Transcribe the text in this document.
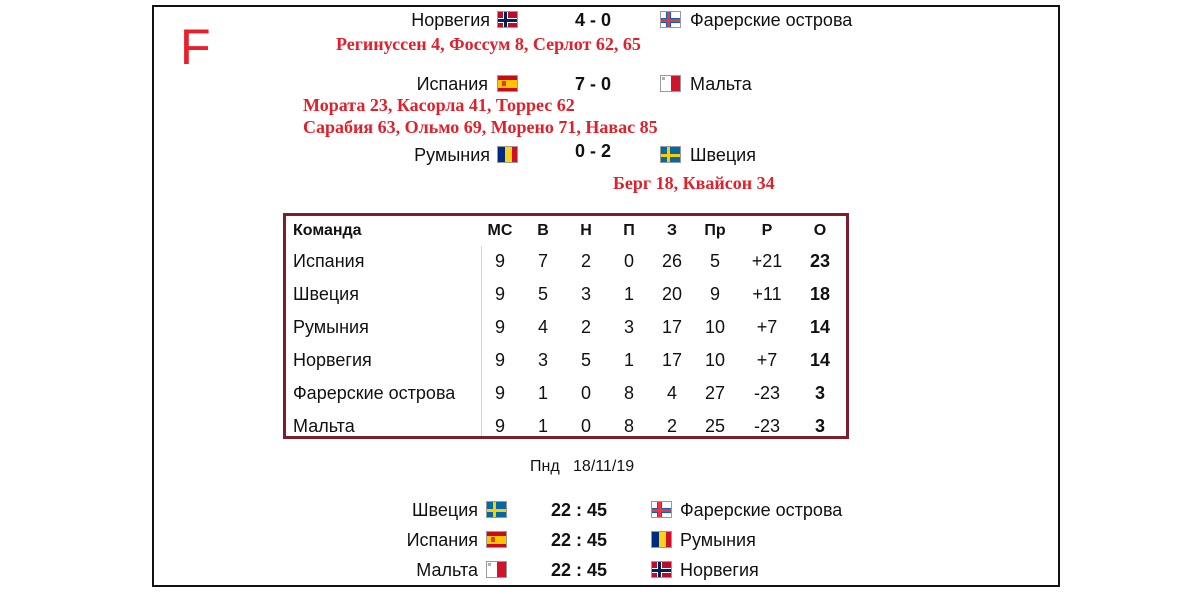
F	Норвегия	4 - 0	Фарерские острова
Регинуссен 4, Фоссум 8, Серлот 62, 65
Испания	7 - 0	Мальта
Мората 23, Касорла 41, Торрес 62
Сарабия 63, Ольмо 69, Морено 71, Навас 85
Румыния	0 - 2	Швеция
Берг 18, Квайсон 34
Команда	МС	В	Н	П	З	Пр	Р	О
Испания	9	7	2	0	26	5	+21	23
Швеция	9	5	3	1	20	9	+11	18
Румыния	9	4	2	3	17	10	+7	14
Норвегия	9	3	5	1	17	10	+7	14
Фарерские острова	9	1	0	8	4	27	-23	3
Мальта	9	1	0	8	2	25	-23	3
Пнд 18/11/19
Швеция	22 : 45	Фарерские острова
Испания	22 : 45	Румыния
Мальта	22 : 45	Норвегия
